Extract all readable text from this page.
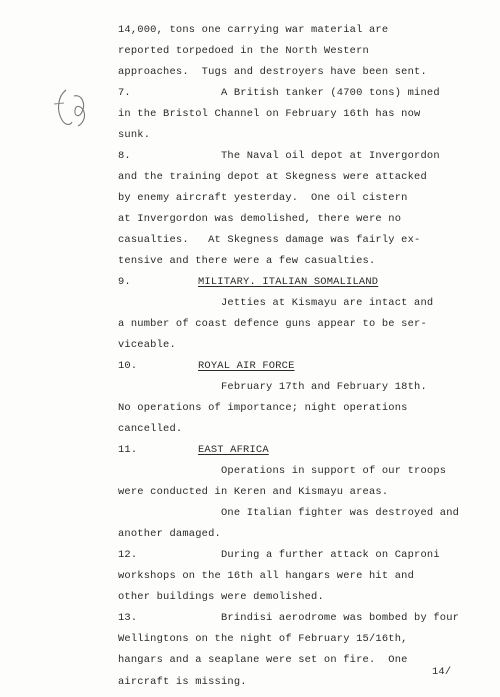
14,000, tons one carrying war material are
reported torpedoed in the North Western
approaches.  Tugs and destroyers have been sent.
7.              A British tanker (4700 tons) mined
in the Bristol Channel on February 16th has now
sunk.
8.              The Naval oil depot at Invergordon
and the training depot at Skegness were attacked
by enemy aircraft yesterday.  One oil cistern
at Invergordon was demolished, there were no
casualties.   At Skegness damage was fairly ex-
tensive and there were a few casualties.
9.	MILITARY. ITALIAN SOMALILAND
Jetties at Kismayu are intact and
a number of coast defence guns appear to be ser-
viceable.
10.	ROYAL AIR FORCE
February 17th and February 18th.
No operations of importance; night operations
cancelled.
11.	EAST AFRICA
Operations in support of our troops
were conducted in Keren and Kismayu areas.
One Italian fighter was destroyed and
another damaged.
12.             During a further attack on Caproni
workshops on the 16th all hangars were hit and
other buildings were demolished.
13.             Brindisi aerodrome was bombed by four
Wellingtons on the night of February 15/16th,
hangars and a seaplane were set on fire.  One
aircraft is missing.
14/
